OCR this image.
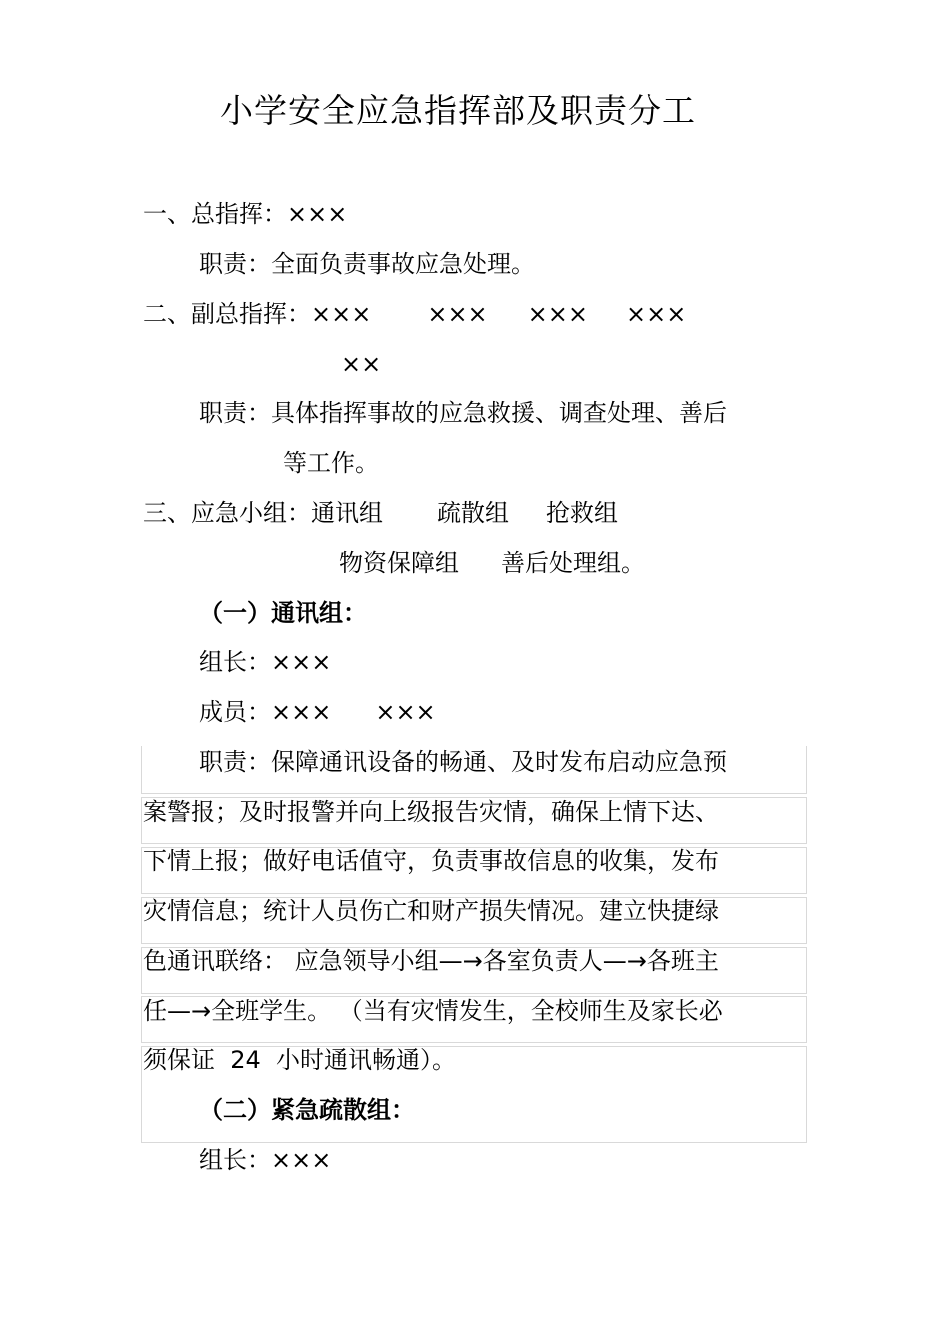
小学安全应急指挥部及职责分工
一、总指挥：×××
职责：全面负责事故应急处理。
二、副总指挥：××× ××× ××× ×××
××
职责：具体指挥事故的应急救援、调查处理、善后
等工作。
三、应急小组：通讯组 疏散组 抢救组
物资保障组 善后处理组。
（一）通讯组：
组长：×××
成员：××× ×××
职责：保障通讯设备的畅通、及时发布启动应急预
案警报；及时报警并向上级报告灾情，确保上情下达、
下情上报；做好电话值守，负责事故信息的收集，发布
灾情信息；统计人员伤亡和财产损失情况。建立快捷绿
色通讯联络： 应急领导小组—→各室负责人—→各班主
任—→全班学生。 （当有灾情发生，全校师生及家长必
须保证  24  小时通讯畅通）。
（二）紧急疏散组：
组长：×××
